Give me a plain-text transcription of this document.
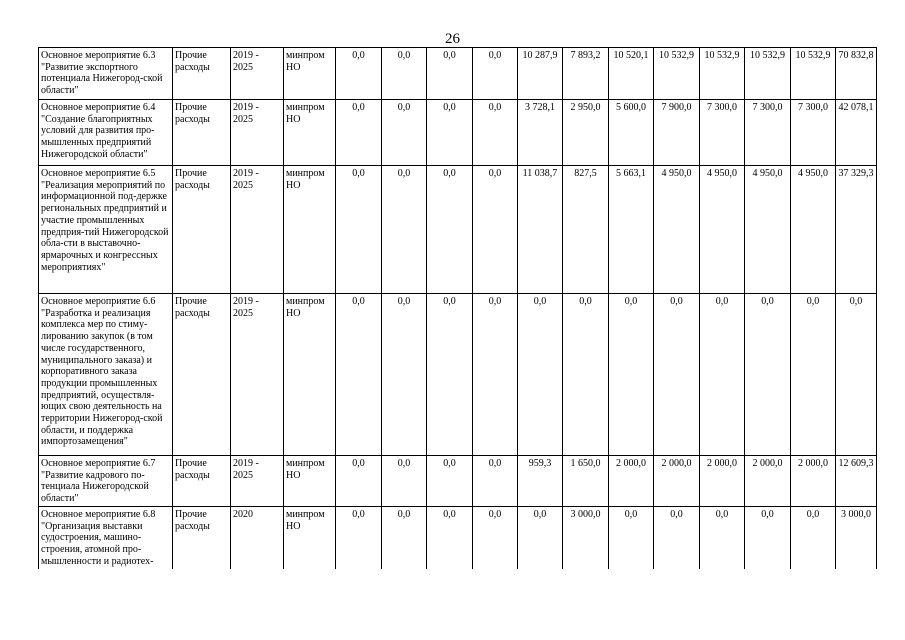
26
Основное мероприятие 6.3 "Развитие экспортного потенциала Нижегород-ской области"	Прочие расходы	2019 - 2025	минпром НО	0,0	0,0	0,0	0,0	10 287,9	7 893,2	10 520,1	10 532,9	10 532,9	10 532,9	10 532,9	70 832,8

Основное мероприятие 6.4 "Создание благоприятных условий для развития про-мышленных предприятий Нижегородской области"	Прочие расходы	2019 - 2025	минпром НО	0,0	0,0	0,0	0,0	3 728,1	2 950,0	5 600,0	7 900,0	7 300,0	7 300,0	7 300,0	42 078,1

Основное мероприятие 6.5 "Реализация мероприятий по информационной под-держке региональных предприятий и участие промышленных предприя-тий Нижегородской обла-сти в выставочно-ярмарочных и конгрессных мероприятиях"	Прочие расходы	2019 - 2025	минпром НО	0,0	0,0	0,0	0,0	11 038,7	827,5	5 663,1	4 950,0	4 950,0	4 950,0	4 950,0	37 329,3

Основное мероприятие 6.6 "Разработка и реализация комплекса мер по стиму-лированию закупок (в том числе государственного, муниципального заказа) и корпоративного заказа продукции промышленных предприятий, осуществля-ющих свою деятельность на территории Нижегород-ской области, и поддержка импортозамещения"	Прочие расходы	2019 - 2025	минпром НО	0,0	0,0	0,0	0,0	0,0	0,0	0,0	0,0	0,0	0,0	0,0	0,0

Основное мероприятие 6.7 "Развитие кадрового по-тенциала Нижегородской области"	Прочие расходы	2019 - 2025	минпром НО	0,0	0,0	0,0	0,0	959,3	1 650,0	2 000,0	2 000,0	2 000,0	2 000,0	2 000,0	12 609,3

Основное мероприятие 6.8 "Организация выставки судостроения, машино-строения, атомной про-мышленности и радиотех-	Прочие расходы	2020	минпром НО	0,0	0,0	0,0	0,0	0,0	3 000,0	0,0	0,0	0,0	0,0	0,0	3 000,0
